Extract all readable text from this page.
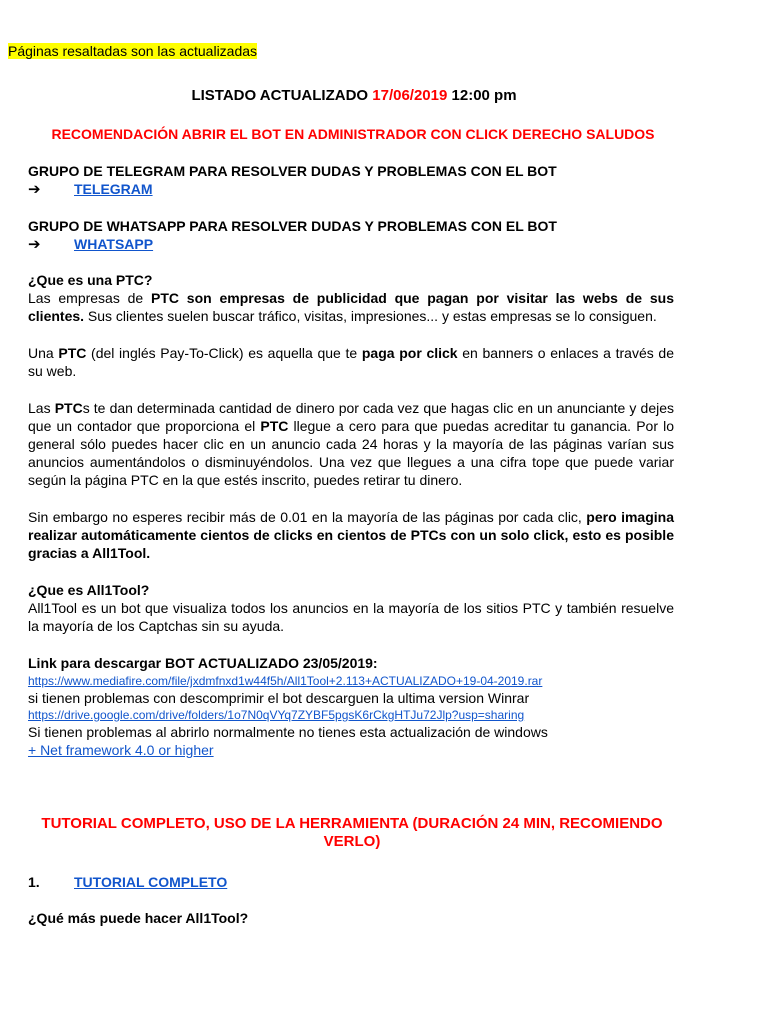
Páginas resaltadas son las actualizadas
LISTADO ACTUALIZADO 17/06/2019 12:00 pm
RECOMENDACIÓN ABRIR EL BOT EN ADMINISTRADOR CON CLICK DERECHO SALUDOS
GRUPO DE TELEGRAM PARA RESOLVER DUDAS Y PROBLEMAS CON EL BOT
➔ TELEGRAM
GRUPO DE WHATSAPP PARA RESOLVER DUDAS Y PROBLEMAS CON EL BOT
➔ WHATSAPP
¿Que es una PTC?
Las empresas de PTC son empresas de publicidad que pagan por visitar las webs de sus clientes. Sus clientes suelen buscar tráfico, visitas, impresiones... y estas empresas se lo consiguen.
Una PTC (del inglés Pay-To-Click) es aquella que te paga por click en banners o enlaces a través de su web.
Las PTCs te dan determinada cantidad de dinero por cada vez que hagas clic en un anunciante y dejes que un contador que proporciona el PTC llegue a cero para que puedas acreditar tu ganancia. Por lo general sólo puedes hacer clic en un anuncio cada 24 horas y la mayoría de las páginas varían sus anuncios aumentándolos o disminuyéndolos. Una vez que llegues a una cifra tope que puede variar según la página PTC en la que estés inscrito, puedes retirar tu dinero.
Sin embargo no esperes recibir más de 0.01 en la mayoría de las páginas por cada clic, pero imagina realizar automáticamente cientos de clicks en cientos de PTCs con un solo click, esto es posible gracias a All1Tool.
¿Que es All1Tool?
All1Tool es un bot que visualiza todos los anuncios en la mayoría de los sitios PTC y también resuelve la mayoría de los Captchas sin su ayuda.
Link para descargar BOT ACTUALIZADO 23/05/2019:
https://www.mediafire.com/file/jxdmfnxd1w44f5h/All1Tool+2.113+ACTUALIZADO+19-04-2019.rar
si tienen problemas con descomprimir el bot descarguen la ultima version Winrar
https://drive.google.com/drive/folders/1o7N0qVYq7ZYBF5pgsK6rCkgHTJu72Jlp?usp=sharing
Si tienen problemas al abrirlo normalmente no tienes esta actualización de windows
+ Net framework 4.0 or higher
TUTORIAL COMPLETO, USO DE LA HERRAMIENTA (DURACIÓN 24 MIN, RECOMIENDO
VERLO)
1. TUTORIAL COMPLETO
¿Qué más puede hacer All1Tool?
